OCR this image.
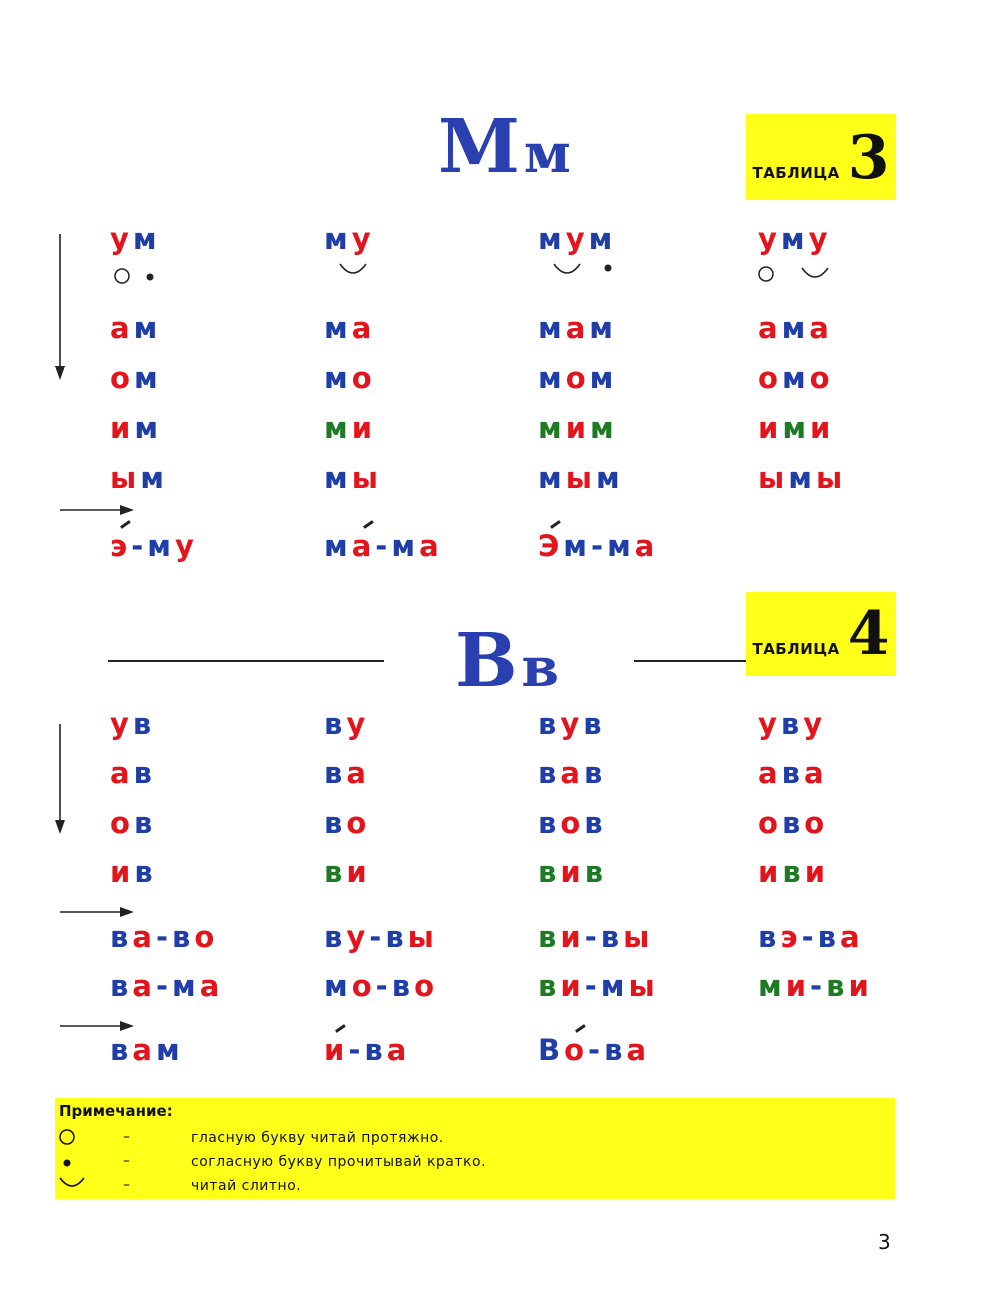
Мм	ТАБЛИЦА 3
ум	му	мум	уму
ам	ма	мам	ама
ом	мо	мом	омо
им	ми	мим	ими
ым	мы	мым	ымы
э-му	ма-ма	Эм-ма
Вв	ТАБЛИЦА 4
ув	ву	вув	уву
ав	ва	вав	ава
ов	во	вов	ово
ив	ви	вив	иви
ва-во	ву-вы	ви-вы	вэ-ва
ва-ма	мо-во	ви-мы	ми-ви
вам	и-ва	Во-ва
Примечание:
–	гласную букву читай протяжно.
–	согласную букву прочитывай кратко.
–	читай слитно.
3
